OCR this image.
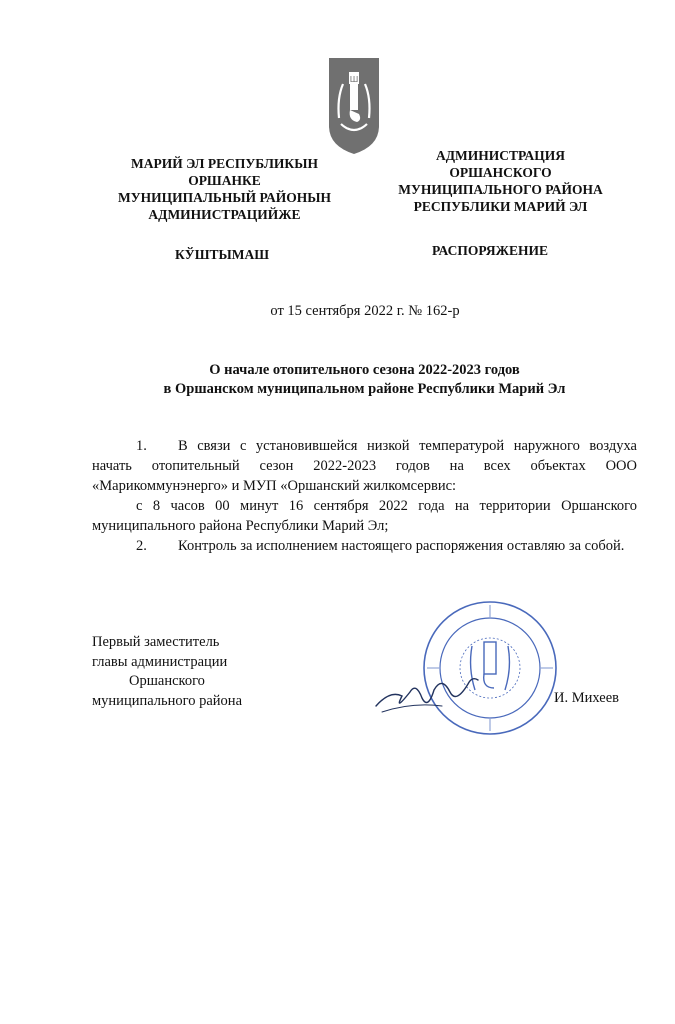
Ш
МАРИЙ ЭЛ РЕСПУБЛИКЫН
ОРШАНКЕ
МУНИЦИПАЛЬНЫЙ РАЙОНЫН
АДМИНИСТРАЦИЙЖЕ
АДМИНИСТРАЦИЯ
ОРШАНСКОГО
МУНИЦИПАЛЬНОГО РАЙОНА
РЕСПУБЛИКИ МАРИЙ ЭЛ
КЎШТЫМАШ	РАСПОРЯЖЕНИЕ
от 15 сентября 2022 г. № 162-р
О начале отопительного сезона 2022-2023 годов
в Оршанском муниципальном районе Республики Марий Эл

1. В связи с установившейся низкой температурой наружного воздуха начать отопительный сезон 2022-2023 годов на всех объектах ООО «Марикоммунэнерго» и МУП «Оршанский жилкомсервис:

с 8 часов 00 минут 16 сентября 2022 года на территории Оршанского муниципального района Республики Марий Эл;

2. Контроль за исполнением настоящего распоряжения оставляю за собой.

Первый заместитель
главы администрации
Оршанского
муниципального района	И. Михеев
